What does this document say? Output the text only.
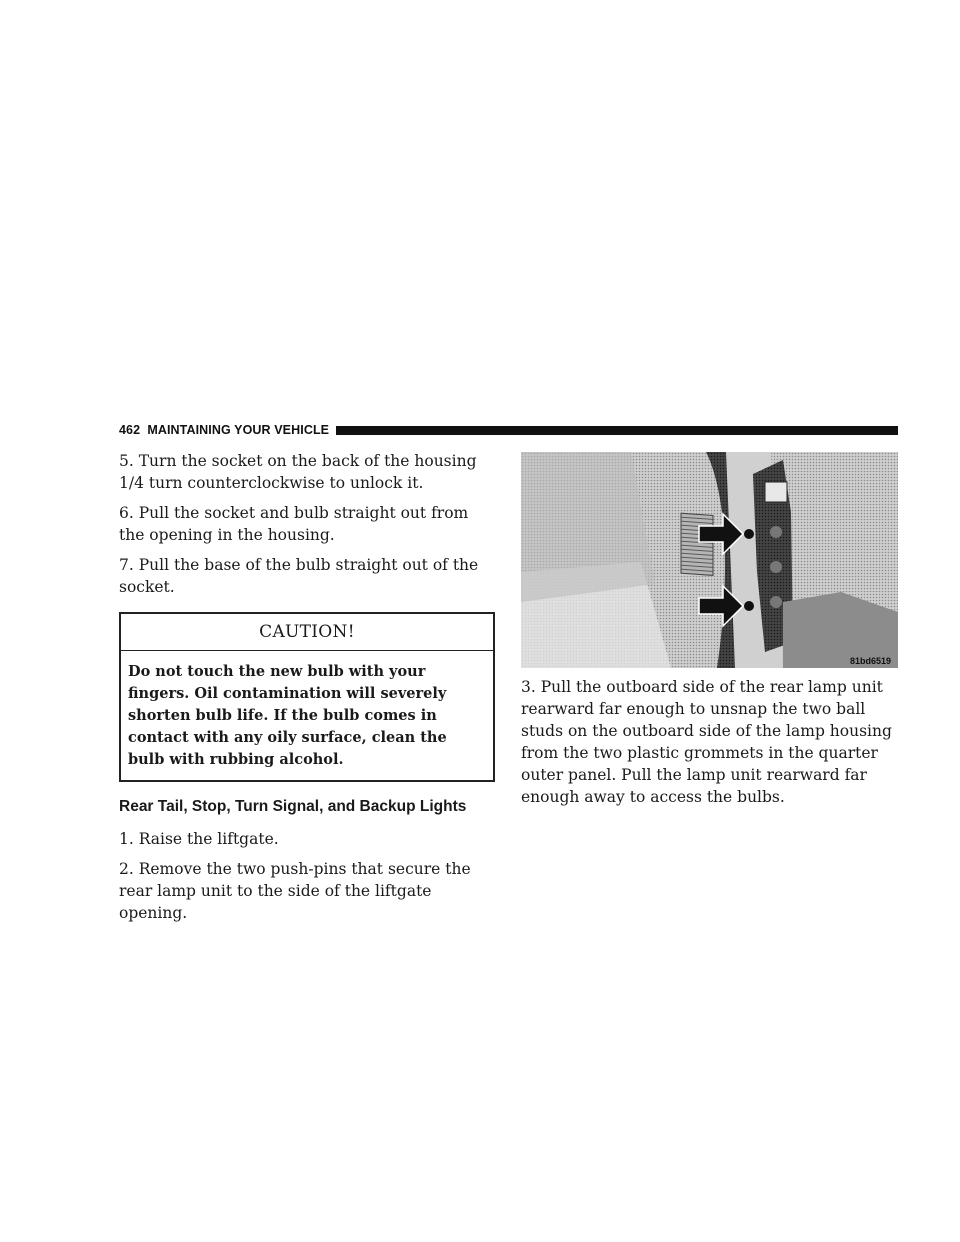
462 MAINTAINING YOUR VEHICLE

5. Turn the socket on the back of the housing 1/4 turn counterclockwise to unlock it.

6. Pull the socket and bulb straight out from the opening in the housing.

7. Pull the base of the bulb straight out of the socket.

CAUTION!
Do not touch the new bulb with your fingers. Oil contamination will severely shorten bulb life. If the bulb comes in contact with any oily surface, clean the bulb with rubbing alcohol.
Rear Tail, Stop, Turn Signal, and Backup Lights

1. Raise the liftgate.

2. Remove the two push-pins that secure the rear lamp unit to the side of the liftgate opening.

81bd6519

3. Pull the outboard side of the rear lamp unit rearward far enough to unsnap the two ball studs on the outboard side of the lamp housing from the two plastic grommets in the quarter outer panel. Pull the lamp unit rearward far enough away to access the bulbs.
